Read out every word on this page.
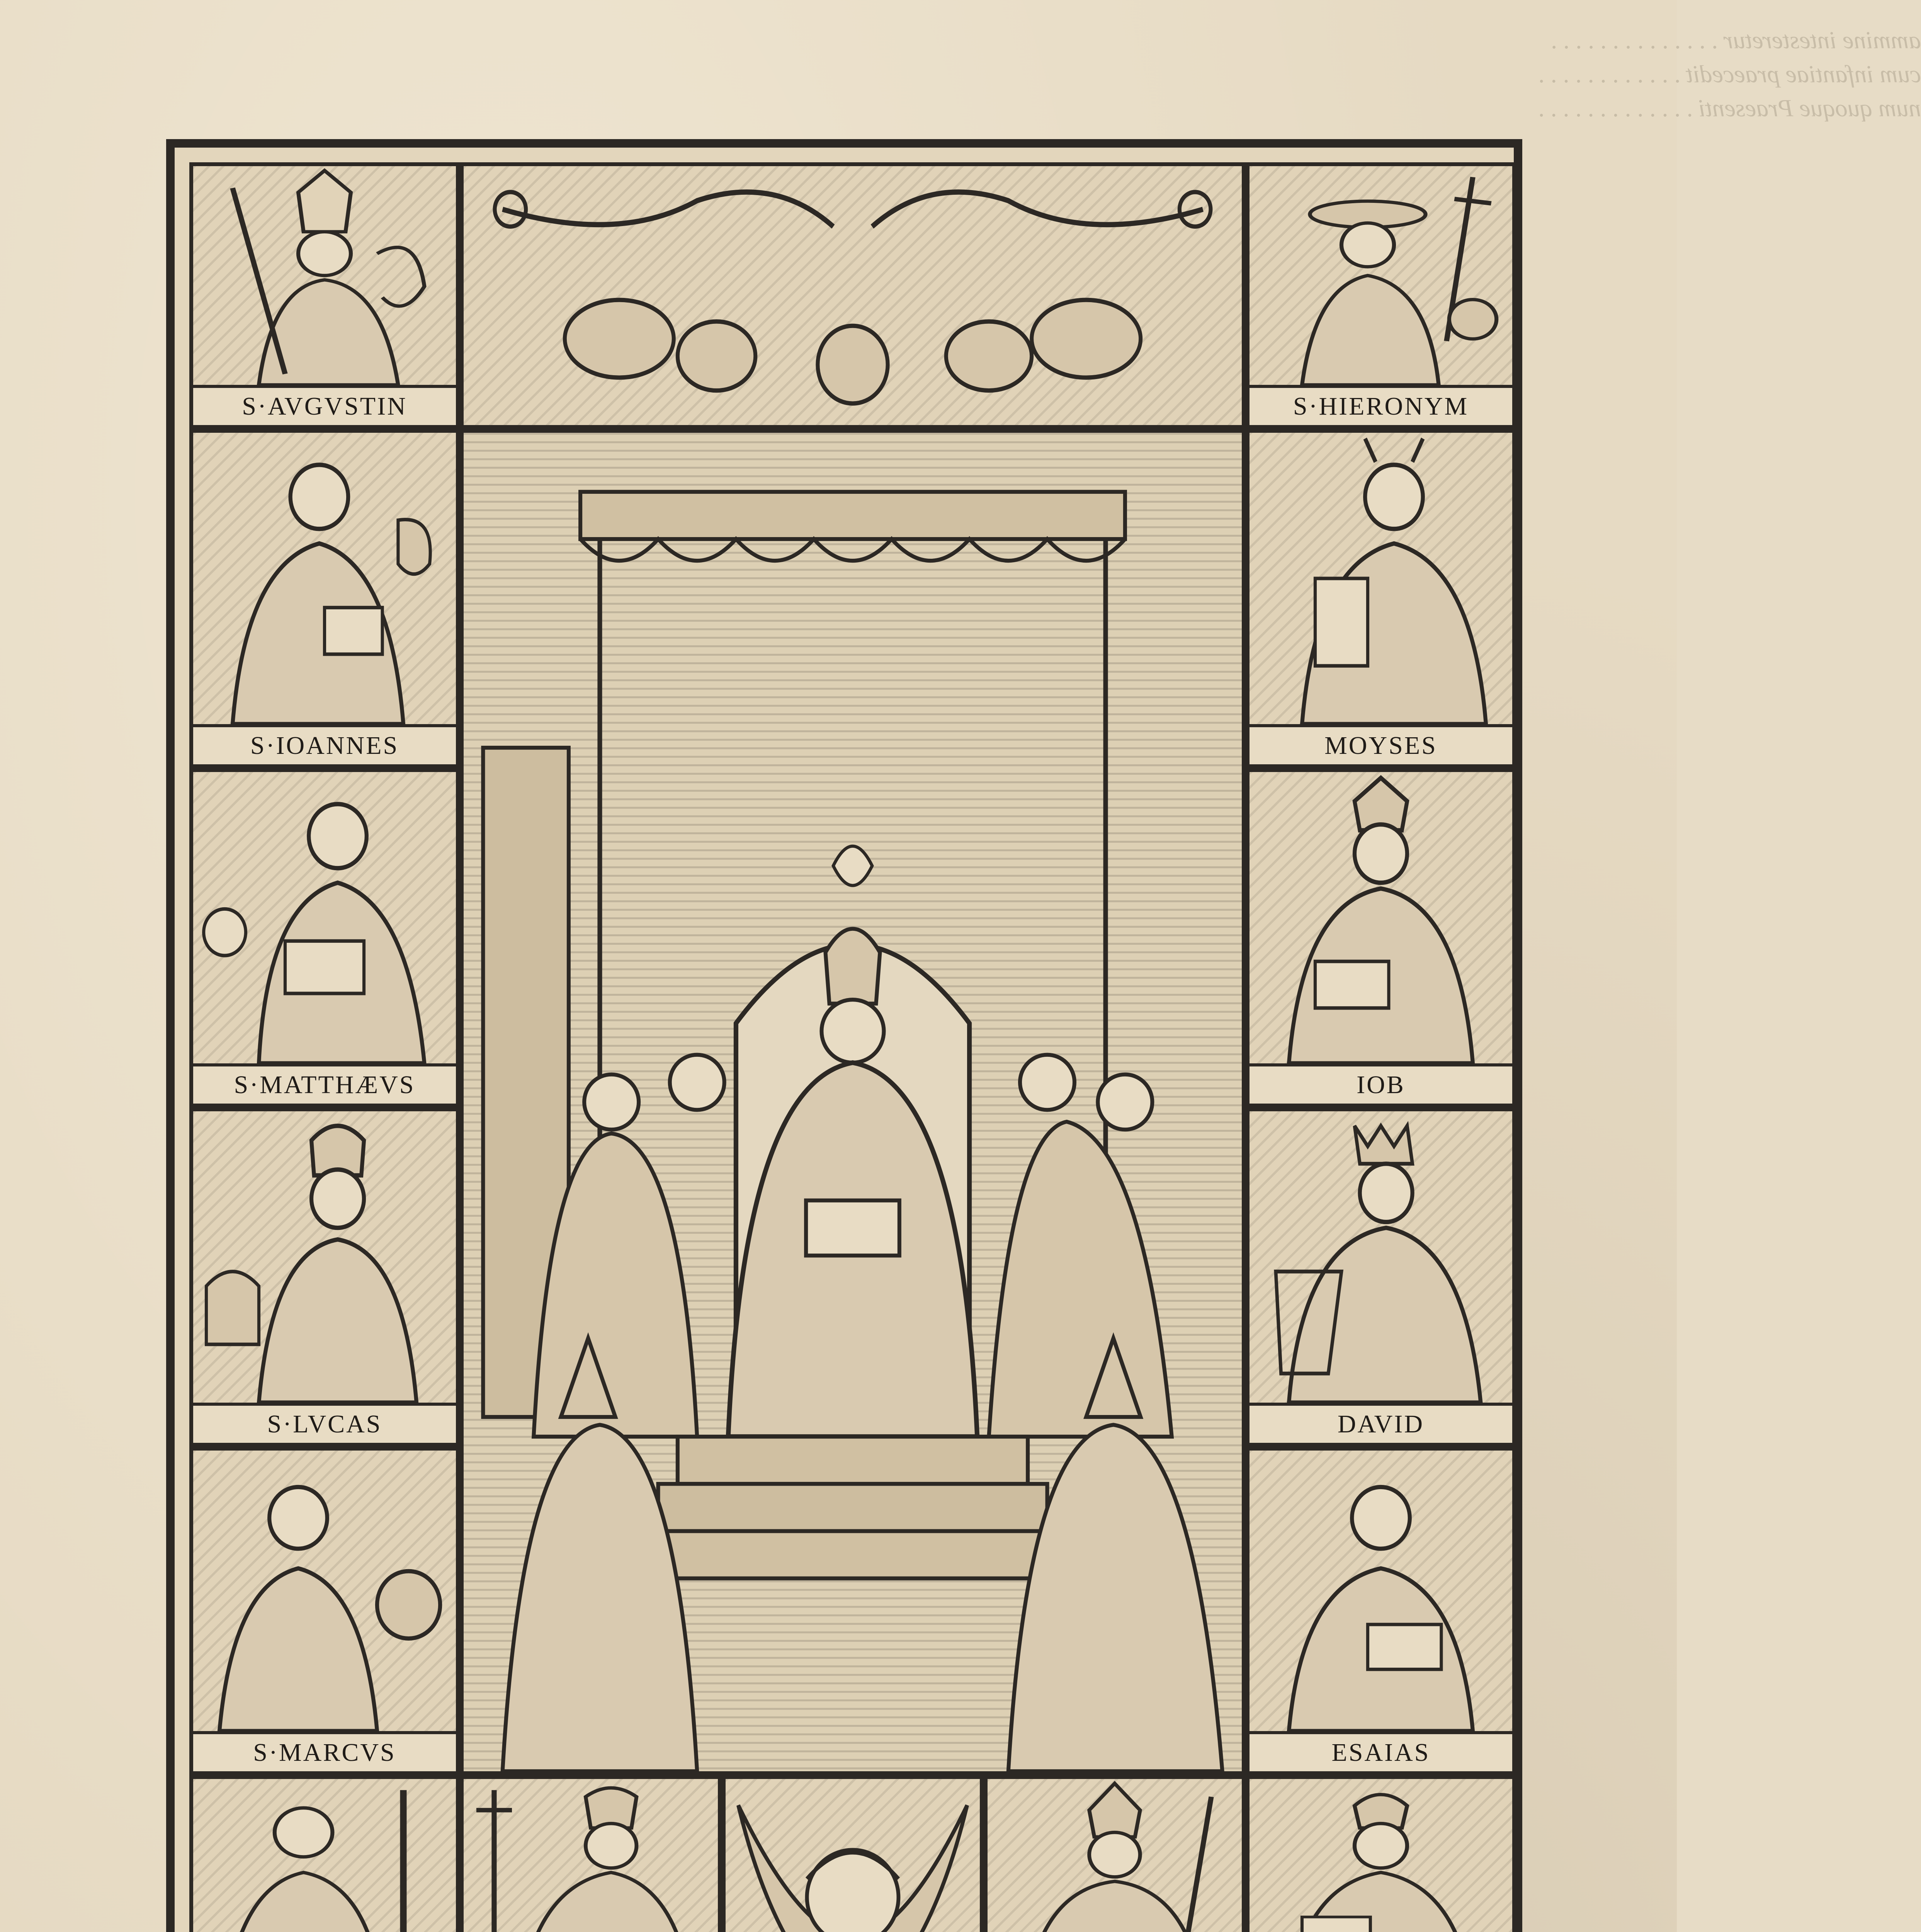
ammine intesteretur . . . . . . . . . . . . . .
cum infantiae praecedit . . . . . . . . . . . .
num quoque Praesenti . . . . . . . . . . . . .
S·AVGVSTIN	S·HIERONYM
S·IOANNES
S·MATTHÆVS
S·LVCAS
S·MARCVS
MOYSES
IOB
DAVID
ESAIAS
